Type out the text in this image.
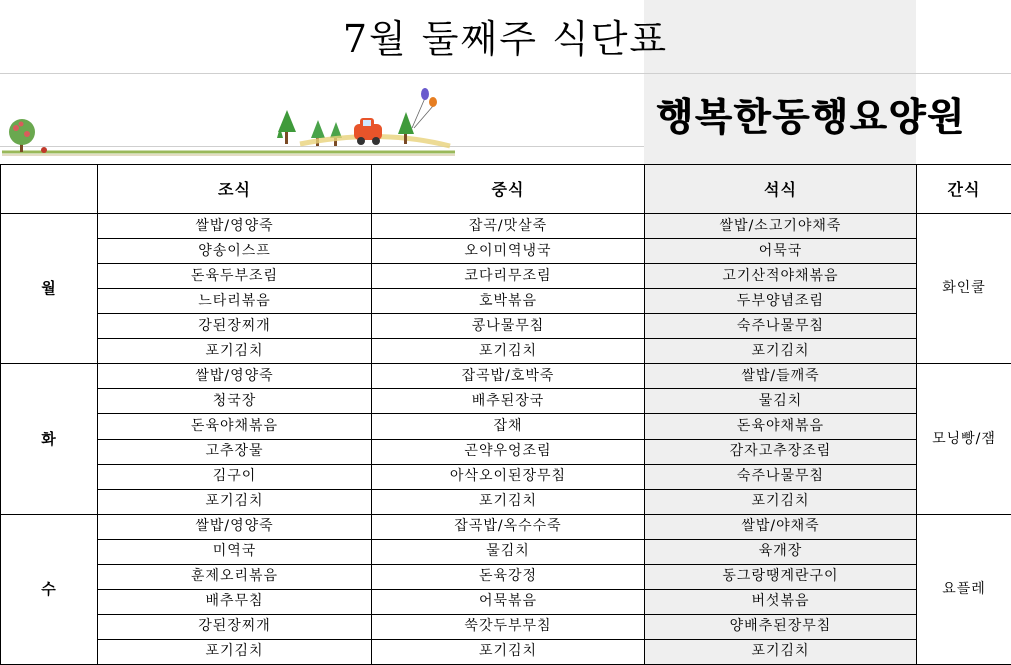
7월 둘째주 식단표
행복한동행요양원
	조식	중식	석식	간식
월	쌀밥/영양죽	잡곡/맛살죽	쌀밥/소고기야채죽	화인쿨
	양송이스프	오이미역냉국	어묵국	
	돈육두부조림	코다리무조림	고기산적야채볶음	
	느타리볶음	호박볶음	두부양념조림	
	강된장찌개	콩나물무침	숙주나물무침	
	포기김치	포기김치	포기김치	
화	쌀밥/영양죽	잡곡밥/호박죽	쌀밥/들깨죽	모닝빵/잼
	청국장	배추된장국	물김치	
	돈육야채볶음	잡채	돈육야채볶음	
	고추장물	곤약우엉조림	감자고추장조림	
	김구이	아삭오이된장무침	숙주나물무침	
	포기김치	포기김치	포기김치	
수	쌀밥/영양죽	잡곡밥/옥수수죽	쌀밥/야채죽	요플레
	미역국	물김치	육개장	
	훈제오리볶음	돈육강정	동그랑땡계란구이	
	배추무침	어묵볶음	버섯볶음	
	강된장찌개	쑥갓두부무침	양배추된장무침	
	포기김치	포기김치	포기김치	
